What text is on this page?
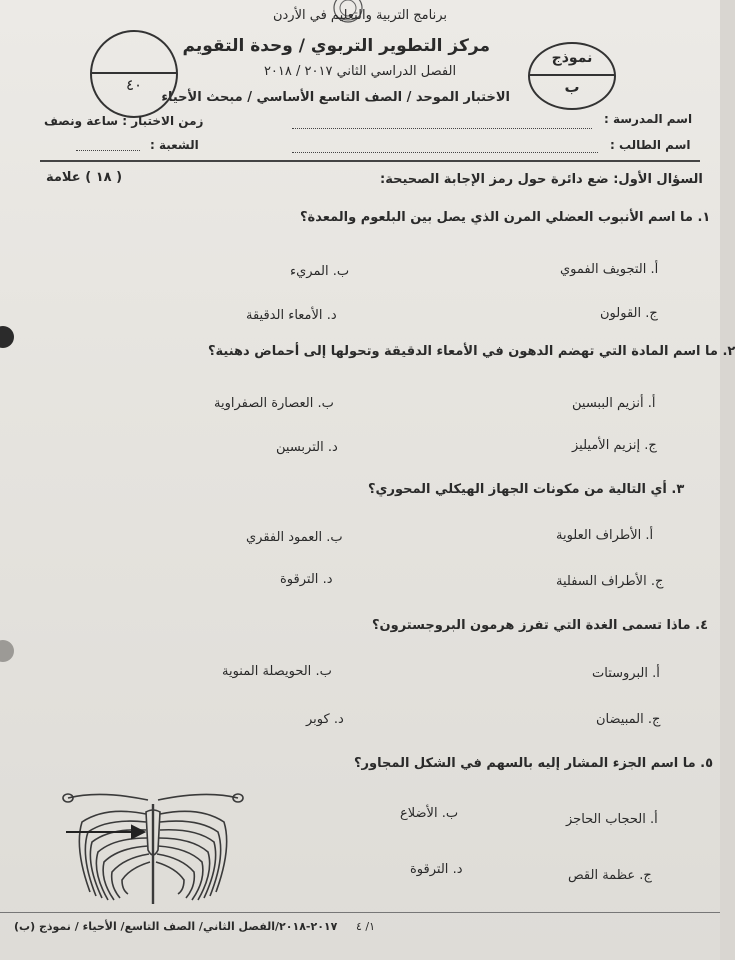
برنامج التربية والتعليم في الأردن
مركز التطوير التربوي / وحدة التقويم
الفصل الدراسي الثاني ٢٠١٧ / ٢٠١٨
الاختبار الموحد / الصف التاسع الأساسي / مبحث الأحياء
٤٠
نموذج
ب
اسم المدرسة :
اسم الطالب :
زمن الاختبار : ساعة ونصف
الشعبة :
السؤال الأول: ضع دائرة حول رمز الإجابة الصحيحة:
( ١٨ ) علامة
١. ما اسم الأنبوب العضلي المرن الذي يصل بين البلعوم والمعدة؟
أ. التجويف الفموي
ب. المريء
ج. القولون
د. الأمعاء الدقيقة
٢. ما اسم المادة التي تهضم الدهون في الأمعاء الدقيقة وتحولها إلى أحماض دهنية؟
أ. أنزيم الببسين
ب. العصارة الصفراوية
ج. إنزيم الأميليز
د. التربسين
٣. أي التالية من مكونات الجهاز الهيكلي المحوري؟
أ. الأطراف العلوية
ب. العمود الفقري
ج. الأطراف السفلية
د. الترقوة
٤. ماذا تسمى الغدة التي تفرز هرمون البروجسترون؟
أ. البروستات
ب. الحويصلة المنوية
ج. المبيضان
د. كوبر
٥. ما اسم الجزء المشار إليه بالسهم في الشكل المجاور؟
أ. الحجاب الحاجز
ب. الأضلاع
ج. عظمة القص
د. الترقوة
٢٠١٧-٢٠١٨/الفصل الثاني/ الصف التاسع/ الأحياء / نموذج (ب) ١/ ٤
